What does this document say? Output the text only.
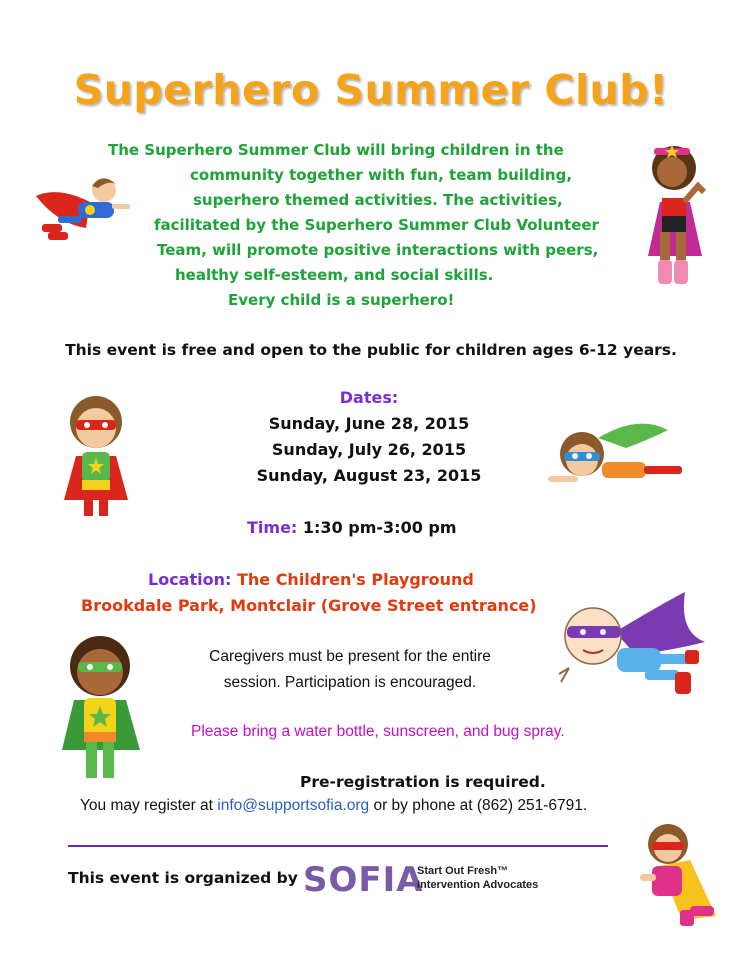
Superhero Summer Club!
The Superhero Summer Club will bring children in the
community together with fun, team building,
superhero themed activities. The activities,
facilitated by the Superhero Summer Club Volunteer
Team, will promote positive interactions with peers,
healthy self-esteem, and social skills.
Every child is a superhero!
This event is free and open to the public for children ages 6-12 years.
Dates:
Sunday, June 28, 2015
Sunday, July 26, 2015
Sunday, August 23, 2015
Time: 1:30 pm-3:00 pm
Location: The Children's Playground
Brookdale Park, Montclair (Grove Street entrance)
Caregivers must be present for the entire
session. Participation is encouraged.
Please bring a water bottle, sunscreen, and bug spray.
Pre-registration is required.
You may register at info@supportsofia.org or by phone at (862) 251-6791.
This event is organized by SOFIA
Start Out Fresh™
Intervention Advocates
